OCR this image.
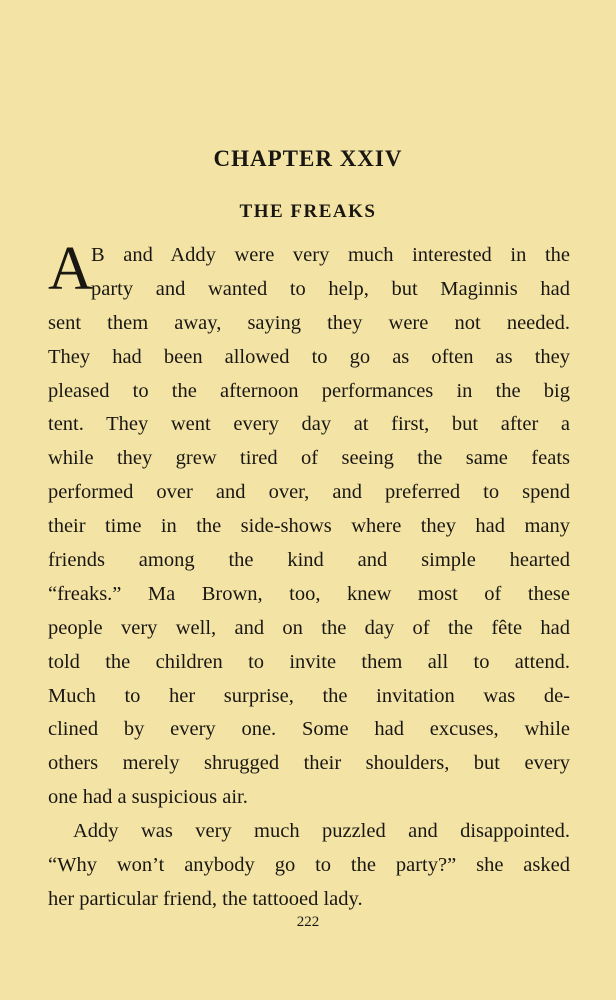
CHAPTER XXIV
THE FREAKS
A
B and Addy were very much interested in the
party and wanted to help, but Maginnis had
sent them away, saying they were not needed.
They had been allowed to go as often as they
pleased to the afternoon performances in the big
tent. They went every day at first, but after a
while they grew tired of seeing the same feats
performed over and over, and preferred to spend
their time in the side-shows where they had many
friends among the kind and simple hearted
“freaks.” Ma Brown, too, knew most of these
people very well, and on the day of the fête had
told the children to invite them all to attend.
Much to her surprise, the invitation was de-
clined by every one. Some had excuses, while
others merely shrugged their shoulders, but every
one had a suspicious air.
Addy was very much puzzled and disappointed.
“Why won’t anybody go to the party?” she asked
her particular friend, the tattooed lady.

222
